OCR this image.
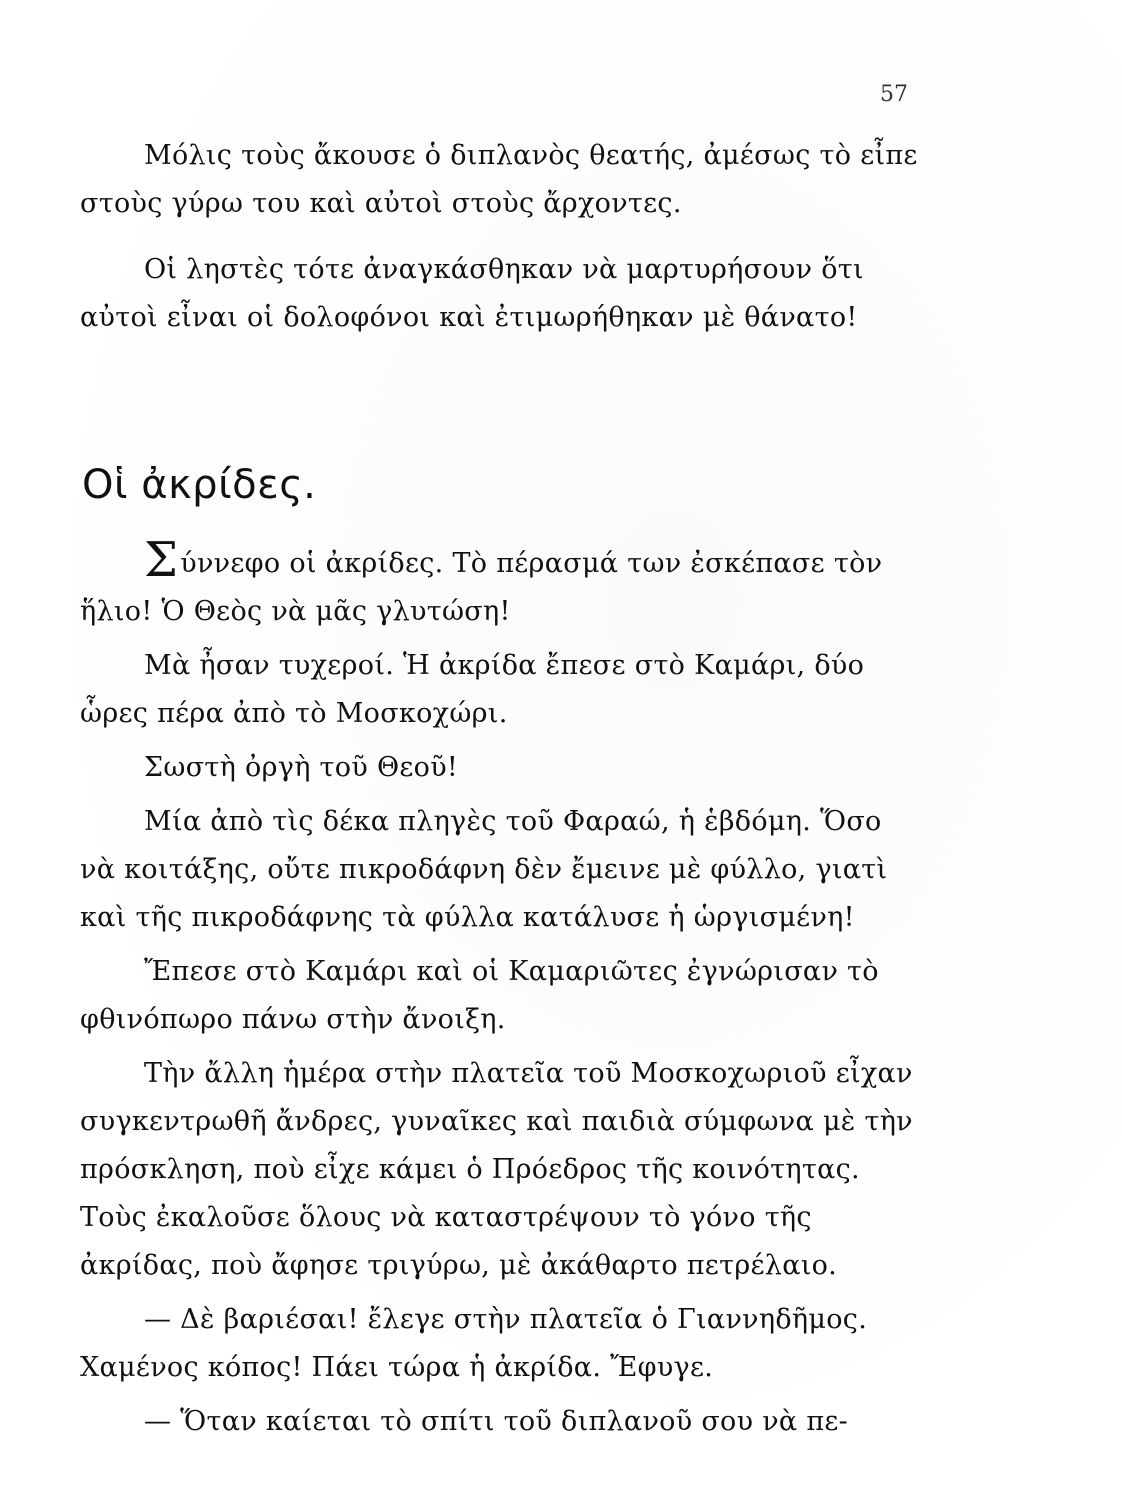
57

Μόλις τοὺς ἄκουσε ὁ διπλανὸς θεατής, ἀμέσως τὸ εἶπε στοὺς γύρω του καὶ αὐτοὶ στοὺς ἄρχοντες.

Οἱ ληστὲς τότε ἀναγκάσθηκαν νὰ μαρτυρήσουν ὅτι αὐτοὶ εἶναι οἱ δολοφόνοι καὶ ἐτιμωρήθηκαν μὲ θάνατο!

Οἱ ἀκρίδες.

Σύννεφο οἱ ἀκρίδες. Τὸ πέρασμά των ἐσκέπασε τὸν ἥλιο! Ὁ Θεὸς νὰ μᾶς γλυτώση!

Μὰ ἦσαν τυχεροί. Ἡ ἀκρίδα ἔπεσε στὸ Καμάρι, δύο ὧρες πέρα ἀπὸ τὸ Μοσκοχώρι.

Σωστὴ ὀργὴ τοῦ Θεοῦ!

Μία ἀπὸ τὶς δέκα πληγὲς τοῦ Φαραώ, ἡ ἑβδόμη. Ὅσο νὰ κοιτάξης, οὔτε πικροδάφνη δὲν ἔμεινε μὲ φύλλο, γιατὶ καὶ τῆς πικροδάφνης τὰ φύλλα κατάλυσε ἡ ὡργισμένη!

Ἔπεσε στὸ Καμάρι καὶ οἱ Καμαριῶτες ἐγνώρισαν τὸ φθινόπωρο πάνω στὴν ἄνοιξη.

Τὴν ἄλλη ἡμέρα στὴν πλατεῖα τοῦ Μοσκοχωριοῦ εἶχαν συγκεντρωθῆ ἄνδρες, γυναῖκες καὶ παιδιὰ σύμφωνα μὲ τὴν πρόσκληση, ποὺ εἶχε κάμει ὁ Πρόεδρος τῆς κοινότητας. Τοὺς ἐκαλοῦσε ὅλους νὰ καταστρέψουν τὸ γόνο τῆς ἀκρίδας, ποὺ ἄφησε τριγύρω, μὲ ἀκάθαρτο πετρέλαιο.

— Δὲ βαριέσαι! ἔλεγε στὴν πλατεῖα ὁ Γιαννηδῆμος. Χαμένος κόπος! Πάει τώρα ἡ ἀκρίδα. Ἔφυγε.

— Ὅταν καίεται τὸ σπίτι τοῦ διπλανοῦ σου νὰ πε-
